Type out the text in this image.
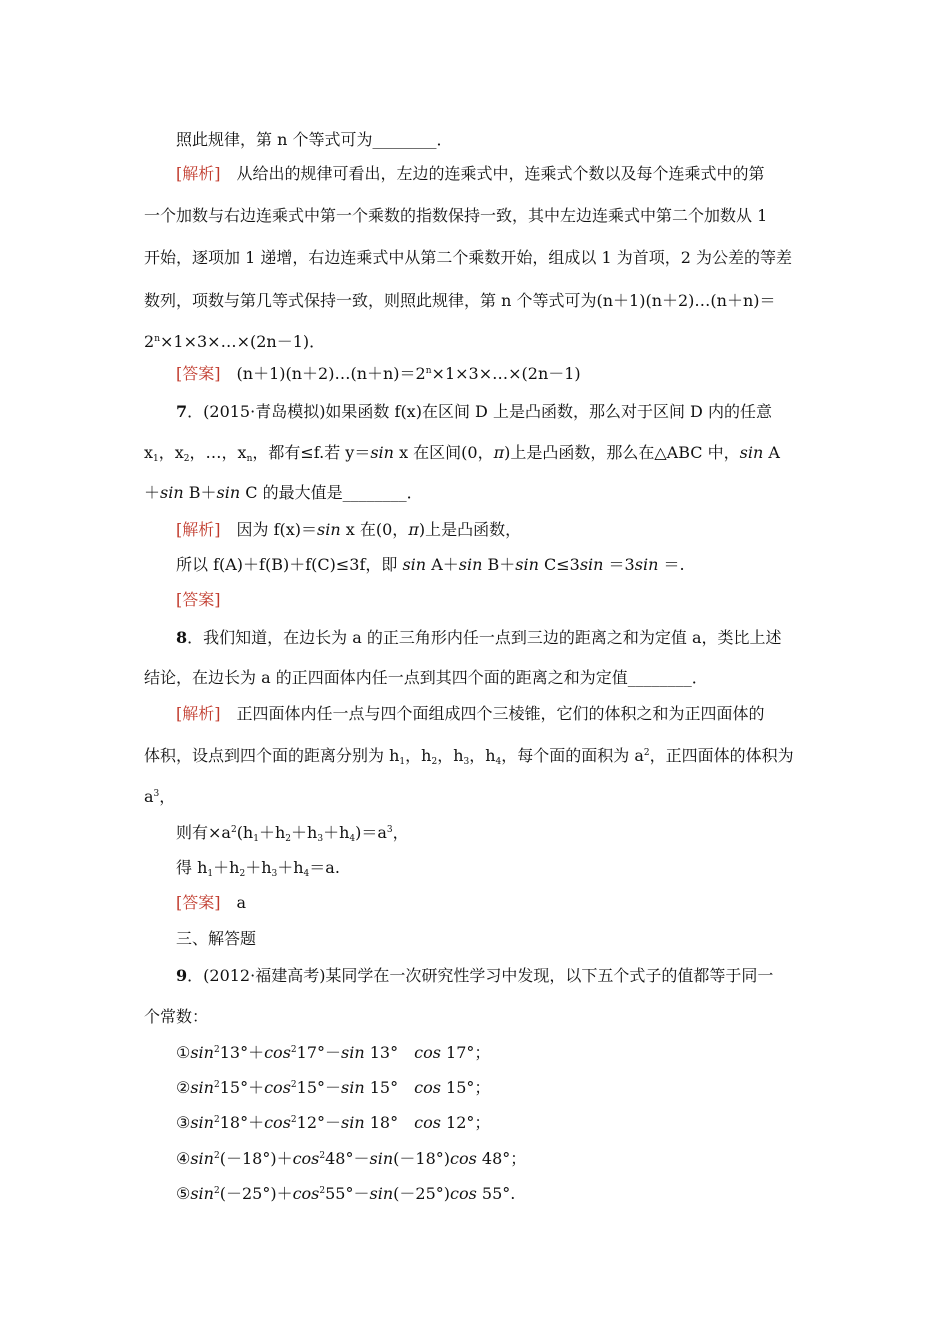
照此规律，第 n 个等式可为________．
[解析]　 从给出的规律可看出，左边的连乘式中，连乘式个数以及每个连乘式中的第
一个加数与右边连乘式中第一个乘数的指数保持一致，其中左边连乘式中第二个加数从 1
开始，逐项加 1 递增，右边连乘式中从第二个乘数开始，组成以 1 为首项，2 为公差的等差
数列，项数与第几等式保持一致，则照此规律，第 n 个等式可为(n＋1)(n＋2)…(n＋n)＝
$2^n\times 1\times 3\times\dots\times(2n-1)$．
[答案]　 $(n+1)(n+2)\dots(n+n)=2^n\times 1\times 3\times\dots\times(2n-1)$
7．(2015·青岛模拟)如果函数 f(x)在区间 D 上是凸函数，那么对于区间 D 内的任意
$x_1$，$x_2$，…，$x_n$，都有≤f.若 y＝sin x 在区间(0，π)上是凸函数，那么在△ABC 中，sin A
＋sin B＋sin C 的最大值是________．
[解析]　 因为 f(x)＝sin x 在(0，π)上是凸函数，
所以 f(A)＋f(B)＋f(C)≤3f，即 sin A＋sin B＋sin C≤3sin ＝3sin ＝.
[答案]
8．我们知道，在边长为 a 的正三角形内任一点到三边的距离之和为定值 a，类比上述
结论，在边长为 a 的正四面体内任一点到其四个面的距离之和为定值________．
[解析]　 正四面体内任一点与四个面组成四个三棱锥，它们的体积之和为正四面体的
体积，设点到四个面的距离分别为 $h_1$，$h_2$，$h_3$，$h_4$，每个面的面积为 $a^2$，正四面体的体积为
$a^3$，
则有$\times a^2(h_1+h_2+h_3+h_4)=a^3$，
得 $h_1+h_2+h_3+h_4=a$.
[答案]　 a
三、解答题
9．(2012·福建高考)某同学在一次研究性学习中发现，以下五个式子的值都等于同一
个常数：
$①\sin^213^\circ+\cos^217^\circ-\sin$ 13°　 cos 17°；
$②\sin^215^\circ+\cos^215^\circ-\sin$ 15°　 cos 15°；
$③\sin^218^\circ+\cos^212^\circ-\sin$ 18°　 cos 12°；
$④\sin^2(-18^\circ)+\cos^248^\circ-\sin(-18^\circ)\cos$ 48°；
$⑤\sin^2(-25^\circ)+\cos^255^\circ-\sin(-25^\circ)\cos$ 55°.
